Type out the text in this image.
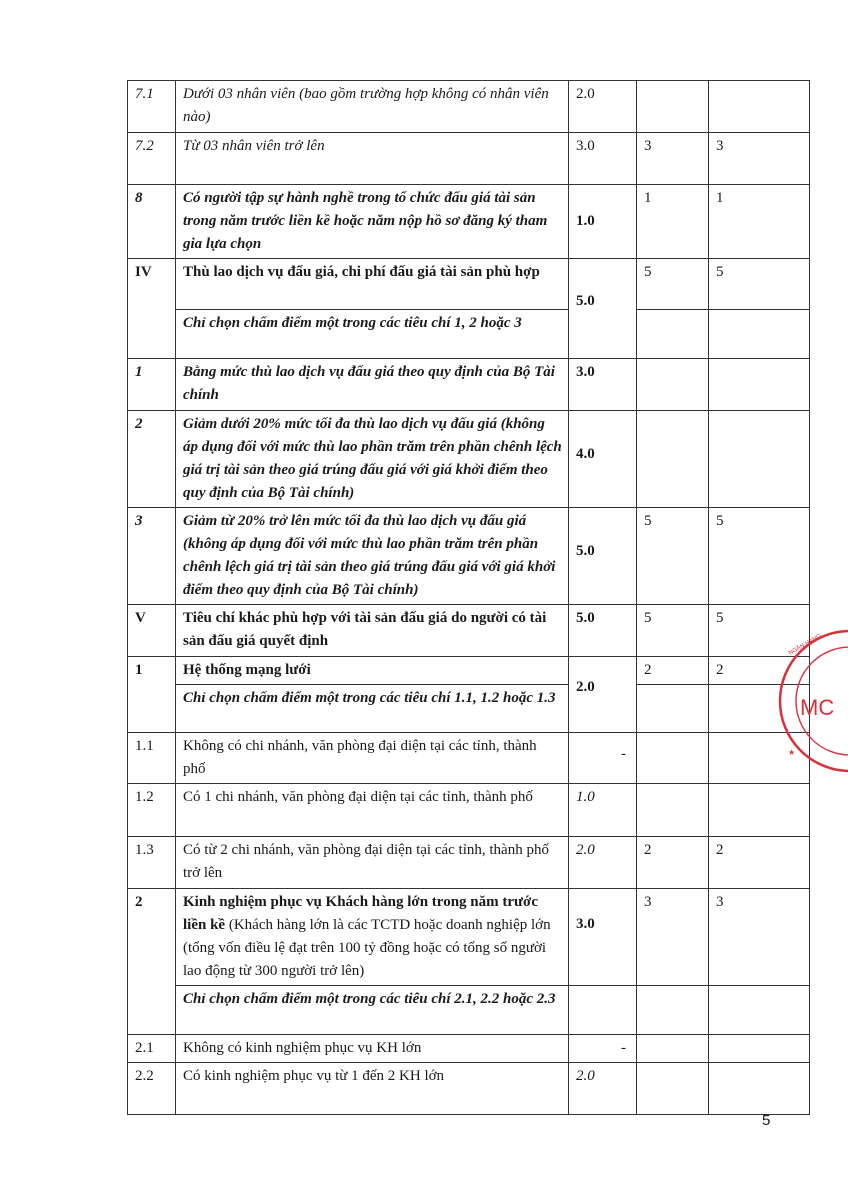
7.1	Dưới 03 nhân viên (bao gồm trường hợp không có nhân viên nào)	2.0		
7.2	Từ 03 nhân viên trở lên	3.0	3	3
8	Có người tập sự hành nghề trong tổ chức đấu giá tài sản trong năm trước liền kề hoặc năm nộp hồ sơ đăng ký tham gia lựa chọn	1.0	1	1
IV	Thù lao dịch vụ đấu giá, chi phí đấu giá tài sản phù hợp	5.0	5	5
	Chỉ chọn chấm điểm một trong các tiêu chí 1, 2 hoặc 3			
1	Bằng mức thù lao dịch vụ đấu giá theo quy định của Bộ Tài chính	3.0		
2	Giảm dưới 20% mức tối đa thù lao dịch vụ đấu giá (không áp dụng đối với mức thù lao phần trăm trên phần chênh lệch giá trị tài sản theo giá trúng đấu giá với giá khởi điểm theo quy định của Bộ Tài chính)	4.0		
3	Giảm từ 20% trở lên mức tối đa thù lao dịch vụ đấu giá (không áp dụng đối với mức thù lao phần trăm trên phần chênh lệch giá trị tài sản theo giá trúng đấu giá với giá khởi điểm theo quy định của Bộ Tài chính)	5.0	5	5
V	Tiêu chí khác phù hợp với tài sản đấu giá do người có tài sản đấu giá quyết định	5.0	5	5
1	Hệ thống mạng lưới	2.0	2	2
	Chỉ chọn chấm điểm một trong các tiêu chí 1.1, 1.2 hoặc 1.3			
1.1	Không có chi nhánh, văn phòng đại diện tại các tỉnh, thành phố	-		
1.2	Có 1 chi nhánh, văn phòng đại diện tại các tỉnh, thành phố	1.0		
1.3	Có từ 2 chi nhánh, văn phòng đại diện tại các tỉnh, thành phố trở lên	2.0	2	2
2	Kinh nghiệm phục vụ Khách hàng lớn trong năm trước liền kề (Khách hàng lớn là các TCTD hoặc doanh nghiệp lớn (tổng vốn điều lệ đạt trên 100 tỷ đồng hoặc có tổng số người lao động từ 300 người trở lên)	3.0	3	3
	Chỉ chọn chấm điểm một trong các tiêu chí 2.1, 2.2 hoặc 2.3			
2.1	Không có kinh nghiệm phục vụ KH lớn	-		
2.2	Có kinh nghiệm phục vụ từ 1 đến 2 KH lớn	2.0		
5
MC
NGÂN HÀNG
★
